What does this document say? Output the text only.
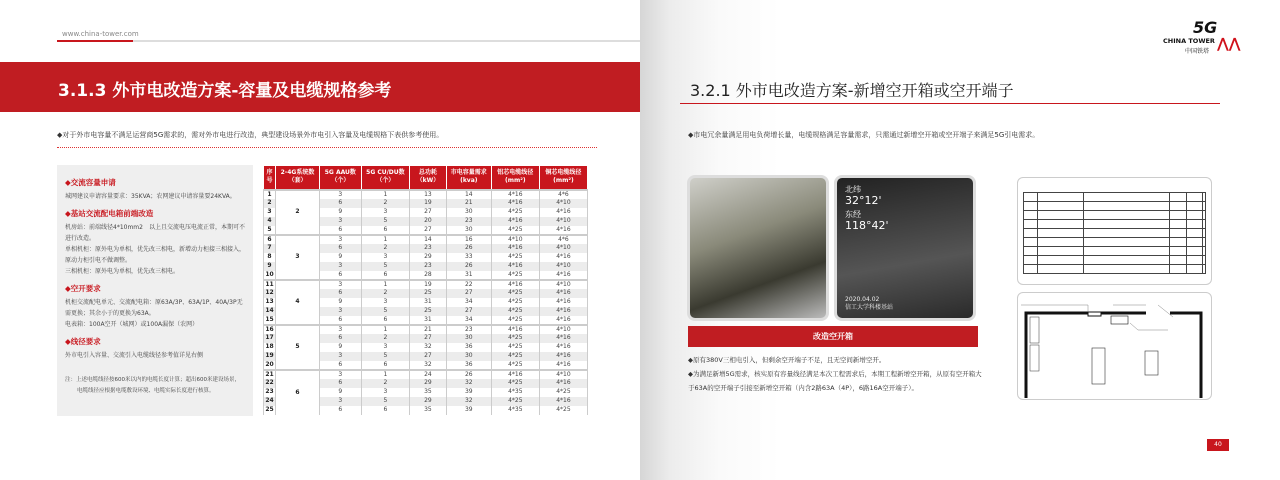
www.china-tower.com
3.1.3 外市电改造方案-容量及电缆规格参考
◆对于外市电容量不满足运营商5G需求的，需对外市电进行改造，典型建设场景外市电引入容量及电缆规格下表供参考使用。
◆交流容量申请

城网建议申请容量要求：35KVA；农网建议申请容量要24KVA。

◆基站交流配电箱前端改造

机房站：前端线径4*10mm2　以上且交流电压电流正常，本期可不进行改造。

单相机柜：原外电为单相，优先改三相电，新增动力柜接三相接入，原动力柜引电不做调整。

三相机柜：原外电为单相，优先改三相电。

◆空开要求

机柜交流配电单元、交流配电箱：原63A/3P、63A/1P、40A/3P无需更换；其余小于的更换为63A。

电表箱：100A空开（城网）或100A漏保（农网）

◆线径要求

外市电引入容量、交流引入电缆线径参考值详见右侧

注：上述电缆线径按600米以内的电缆长度计算；超出600米建设场景，电缆线径应根据电缆敷设环境、电缆实际长度进行核算。

序号	2-4G系统数（套）	5G AAU数（个）	5G CU/DU数（个）	总功耗（kW）	市电容量需求(kva)	铝芯电缆线径(mm²)	铜芯电缆线径(mm²)
1	2	3	1	13	14	4*16	4*6
2		6	2	19	21	4*16	4*10
3		9	3	27	30	4*25	4*16
4		3	5	20	23	4*16	4*10
5		6	6	27	30	4*25	4*16
6	3	3	1	14	16	4*10	4*6
7		6	2	23	26	4*16	4*10
8		9	3	29	33	4*25	4*16
9		3	5	23	26	4*16	4*10
10		6	6	28	31	4*25	4*16
11	4	3	1	19	22	4*16	4*10
12		6	2	25	27	4*25	4*16
13		9	3	31	34	4*25	4*16
14		3	5	25	27	4*25	4*16
15		6	6	31	34	4*25	4*16
16	5	3	1	21	23	4*16	4*10
17		6	2	27	30	4*25	4*16
18		9	3	32	36	4*25	4*16
19		3	5	27	30	4*25	4*16
20		6	6	32	36	4*25	4*16
21	6	3	1	24	26	4*16	4*10
22		6	2	29	32	4*25	4*16
23		9	3	35	39	4*35	4*25
24		3	5	29	32	4*25	4*16
25		6	6	35	39	4*35	4*25
5G
CHINA TOWER
中国铁塔 ⋀⋀
3.2.1 外市电改造方案-新增空开箱或空开端子
◆市电冗余量满足用电负荷增长量，电缆规格满足容量需求，只需通过新增空开箱或空开端子来满足5G引电需求。
北纬
32°12'
东经
118°42'
2020.04.02
信工大学科楼基站
改造空开箱
◆原有380V三相电引入，但剩余空开端子不足，且无空间新增空开。
◆为满足新增5G需求，核实原有容量线径满足本次工程需求后，本期工程新增空开箱，从原有空开箱大于63A的空开端子引接至新增空开箱（内含2路63A（4P），6路16A空开端子）。

40
